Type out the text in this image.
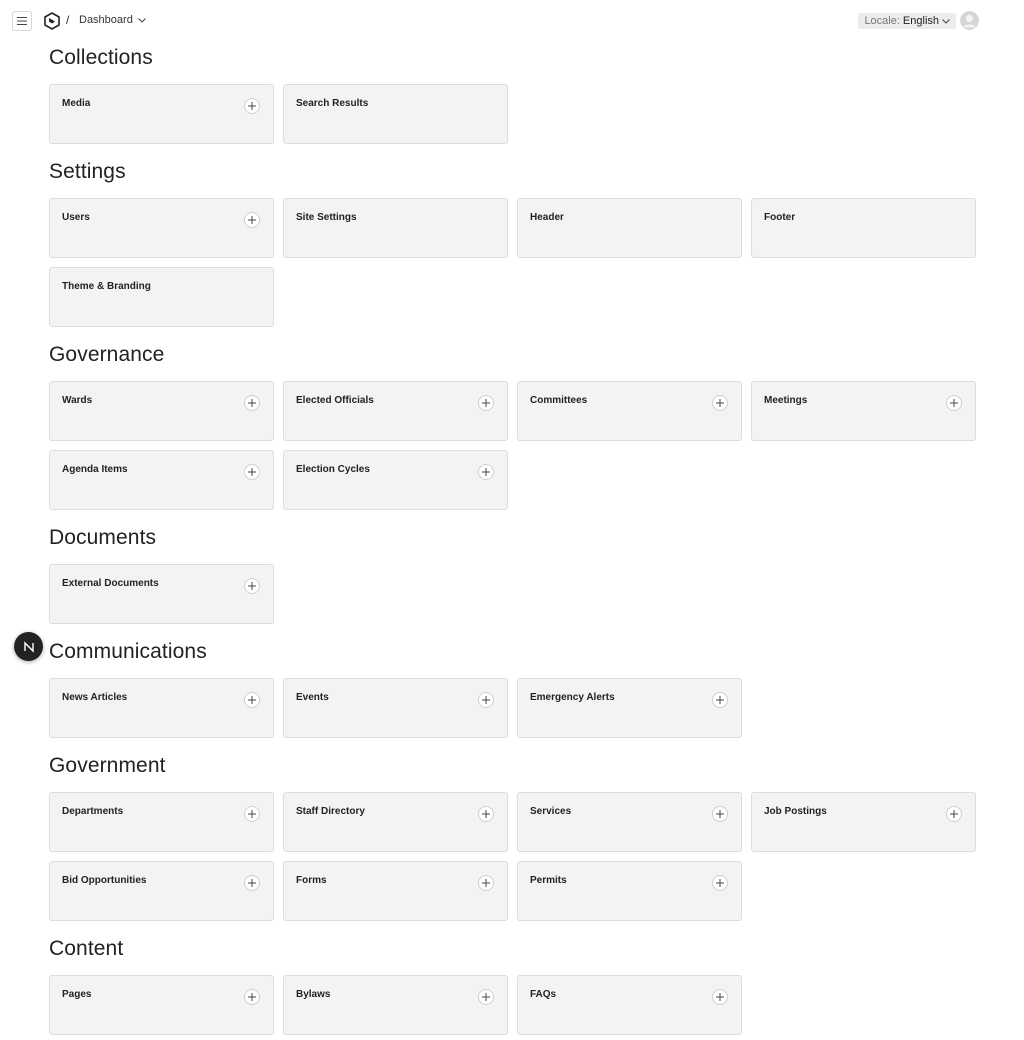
/ Dashboard	Locale: English
Collections
Media	Search Results
Settings
Users	Site Settings	Header	Footer
Theme & Branding
Governance
Wards	Elected Officials	Committees	Meetings
Agenda Items	Election Cycles
Documents
External Documents
Communications
News Articles	Events	Emergency Alerts
Government
Departments	Staff Directory	Services	Job Postings
Bid Opportunities	Forms	Permits
Content
Pages	Bylaws	FAQs
